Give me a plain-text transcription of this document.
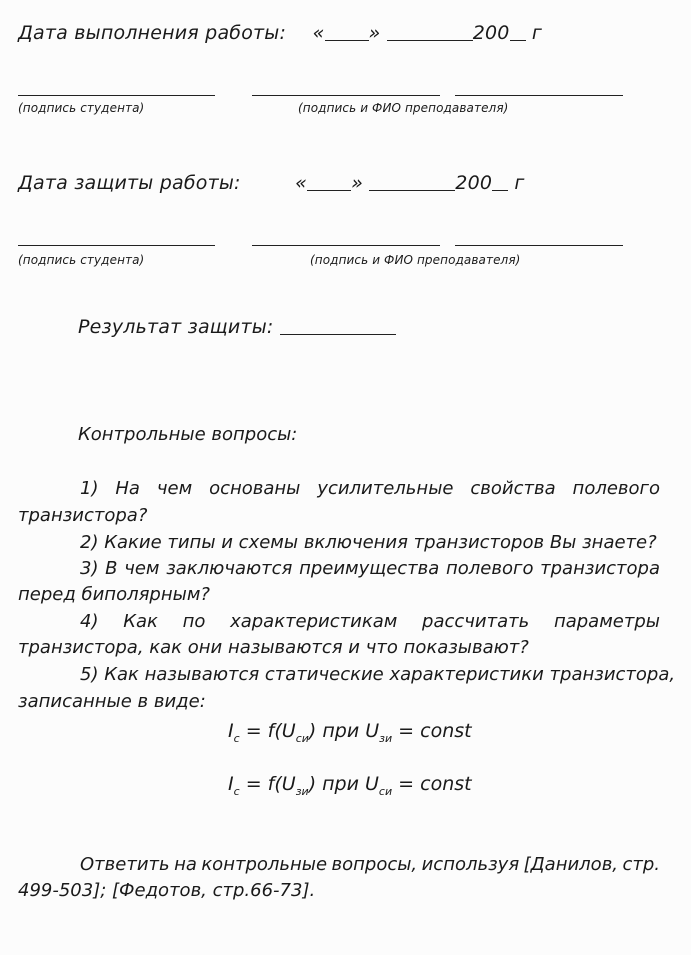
Дата выполнения работы: « »	200 г
(подпись студента)	(подпись и ФИО преподавателя)
Дата защиты работы:	« »	200 г
(подпись студента)	(подпись и ФИО преподавателя)
Результат защиты:
Контрольные вопросы:
1) На чем основаны усилительные свойства полевого
транзистора?
2) Какие типы и схемы включения транзисторов Вы знаете?
3) В чем заключаются преимущества полевого транзистора
перед биполярным?
4) Как по характеристикам рассчитать параметры
транзистора, как они называются и что показывают?
5) Как называются статические характеристики транзистора,
записанные в виде:
$I_с = f(U_{си})$ при $U_{зи}$ = const
$I_с = f(U_{зи})$ при $U_{си}$ = const
Ответить на контрольные вопросы, используя [Данилов, стр.
499-503]; [Федотов, стр.66-73].
